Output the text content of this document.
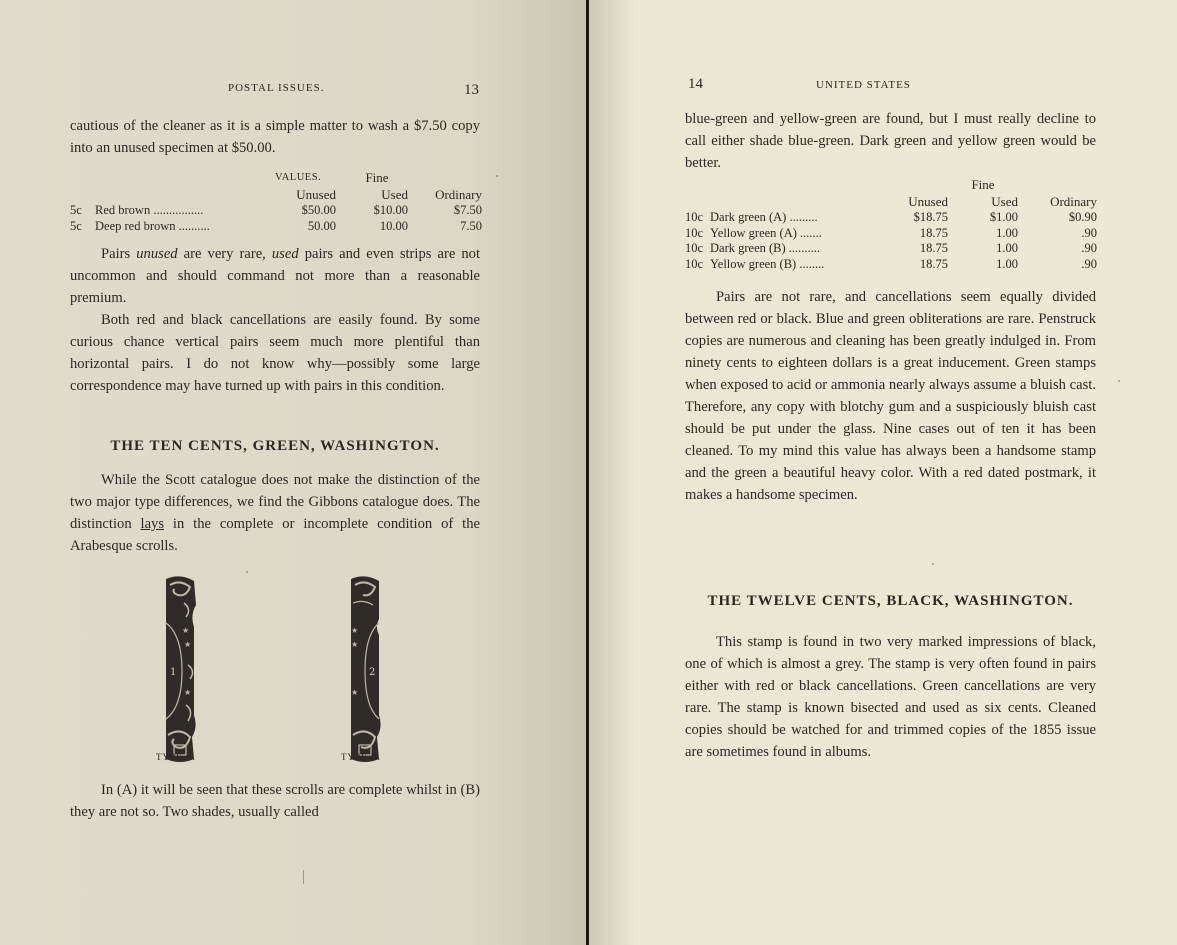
POSTAL ISSUES.	13

cautious of the cleaner as it is a simple matter to wash a $7.50 copy into an unused specimen at $50.00.

		VALUES.		Fine	
		Unused		Used	Ordinary
5c	Red brown ................	$50.00		$10.00	$7.50
5c	Deep red brown ..........	50.00		10.00	7.50

Pairs unused are very rare, used pairs and even strips are not uncommon and should command not more than a reasonable premium.

Both red and black cancellations are easily found. By some curious chance vertical pairs seem much more plentiful than horizontal pairs. I do not know why—possibly some large correspondence may have turned up with pairs in this condition.

THE TEN CENTS, GREEN, WASHINGTON.

While the Scott catalogue does not make the distinction of the two major type differences, we find the Gibbons catalogue does. The distinction lays in the complete or incomplete condition of the Arabesque scrolls.

★
★
★
1
TYPE A.
★
★
★
2
TYPE B.

In (A) it will be seen that these scrolls are complete whilst in (B) they are not so. Two shades, usually called

14	UNITED STATES

blue-green and yellow-green are found, but I must really decline to call either shade blue-green. Dark green and yellow green would be better.

			Fine	
		Unused	Used	Ordinary
10c	Dark green (A) .........	$18.75	$1.00	$0.90
10c	Yellow green (A) .......	18.75	1.00	.90
10c	Dark green (B) ..........	18.75	1.00	.90
10c	Yellow green (B) ........	18.75	1.00	.90

Pairs are not rare, and cancellations seem equally divided between red or black. Blue and green obliterations are rare. Penstruck copies are numerous and cleaning has been greatly indulged in. From ninety cents to eighteen dollars is a great inducement. Green stamps when exposed to acid or ammonia nearly always assume a bluish cast. Therefore, any copy with blotchy gum and a suspiciously bluish cast should be put under the glass. Nine cases out of ten it has been cleaned. To my mind this value has always been a handsome stamp and the green a beautiful heavy color. With a red dated postmark, it makes a handsome specimen.

THE TWELVE CENTS, BLACK, WASHINGTON.

This stamp is found in two very marked impressions of black, one of which is almost a grey. The stamp is very often found in pairs either with red or black cancellations. Green cancellations are very rare. The stamp is known bisected and used as six cents. Cleaned copies should be watched for and trimmed copies of the 1855 issue are sometimes found in albums.
